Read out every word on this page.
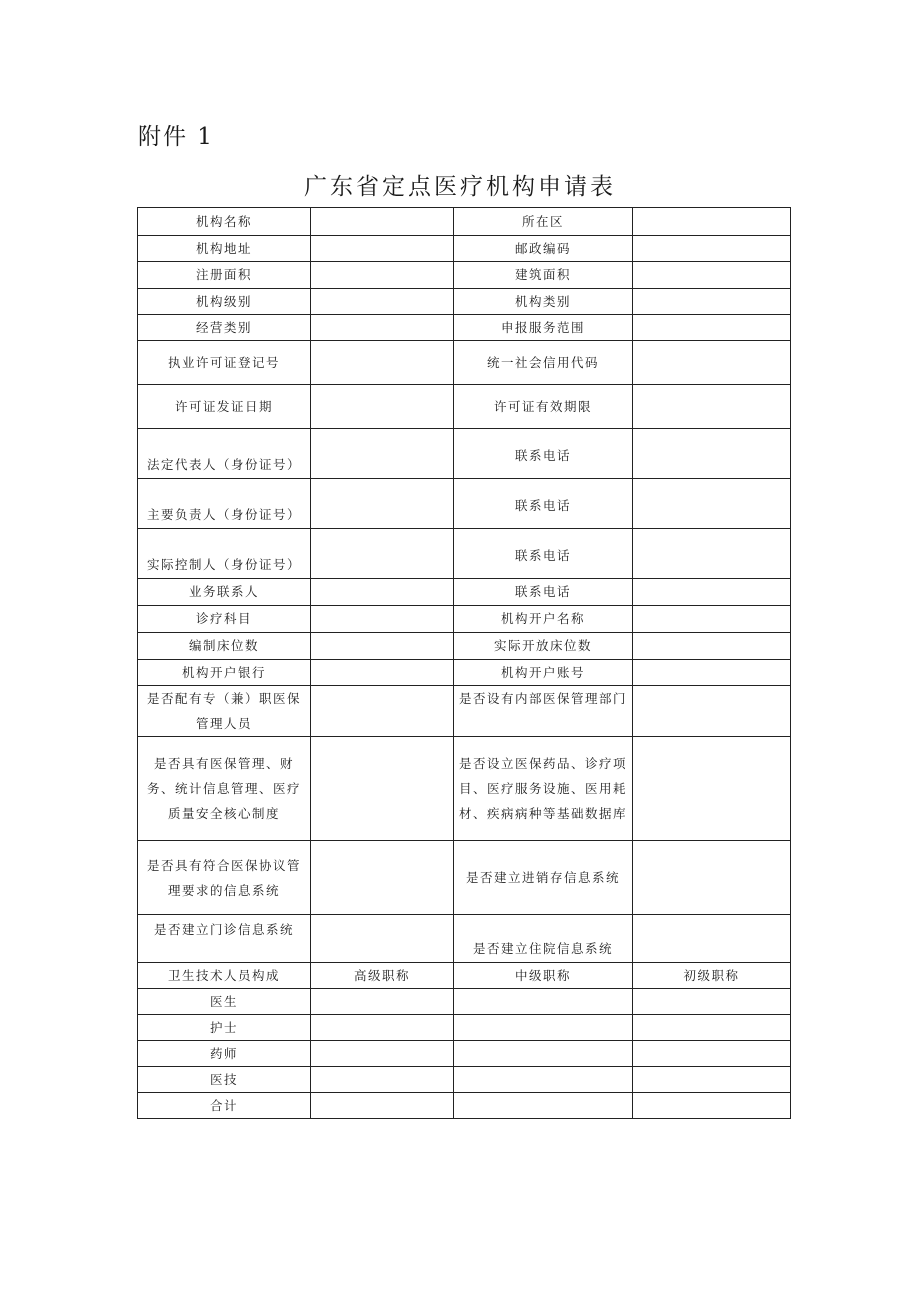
附件 1
广东省定点医疗机构申请表
机构名称		所在区	
机构地址		邮政编码	
注册面积		建筑面积	
机构级别		机构类别	
经营类别		申报服务范围	
执业许可证登记号		统一社会信用代码	
许可证发证日期		许可证有效期限	
法定代表人（身份证号）		联系电话	
主要负责人（身份证号）		联系电话	
实际控制人（身份证号）		联系电话	
业务联系人		联系电话	
诊疗科目		机构开户名称	
编制床位数		实际开放床位数	
机构开户银行		机构开户账号	
是否配有专（兼）职医保管理人员		是否设有内部医保管理部门	
是否具有医保管理、财务、统计信息管理、医疗质量安全核心制度		是否设立医保药品、诊疗项目、医疗服务设施、医用耗材、疾病病种等基础数据库	
是否具有符合医保协议管理要求的信息系统		是否建立进销存信息系统	
是否建立门诊信息系统		是否建立住院信息系统	
卫生技术人员构成	高级职称	中级职称	初级职称
医生			
护士			
药师			
医技			
合计			
